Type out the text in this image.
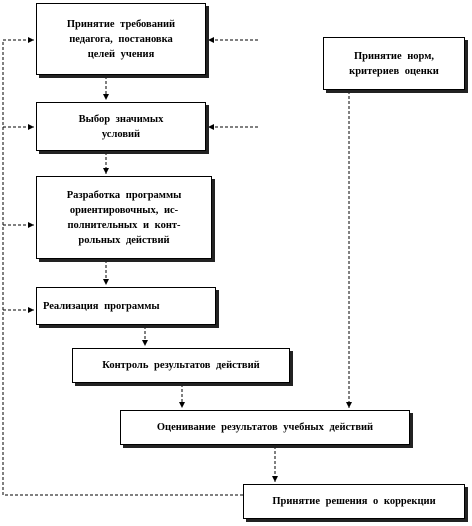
Принятие требований
педагога, постановка
целей учения	Принятие норм,
критериев оценки
Выбор значимых
условий
Разработка программы
ориентировочных, ис-
полнительных и конт-
рольных действий
Реализация программы
Контроль результатов действий
Оценивание результатов учебных действий
Принятие решения о коррекции
